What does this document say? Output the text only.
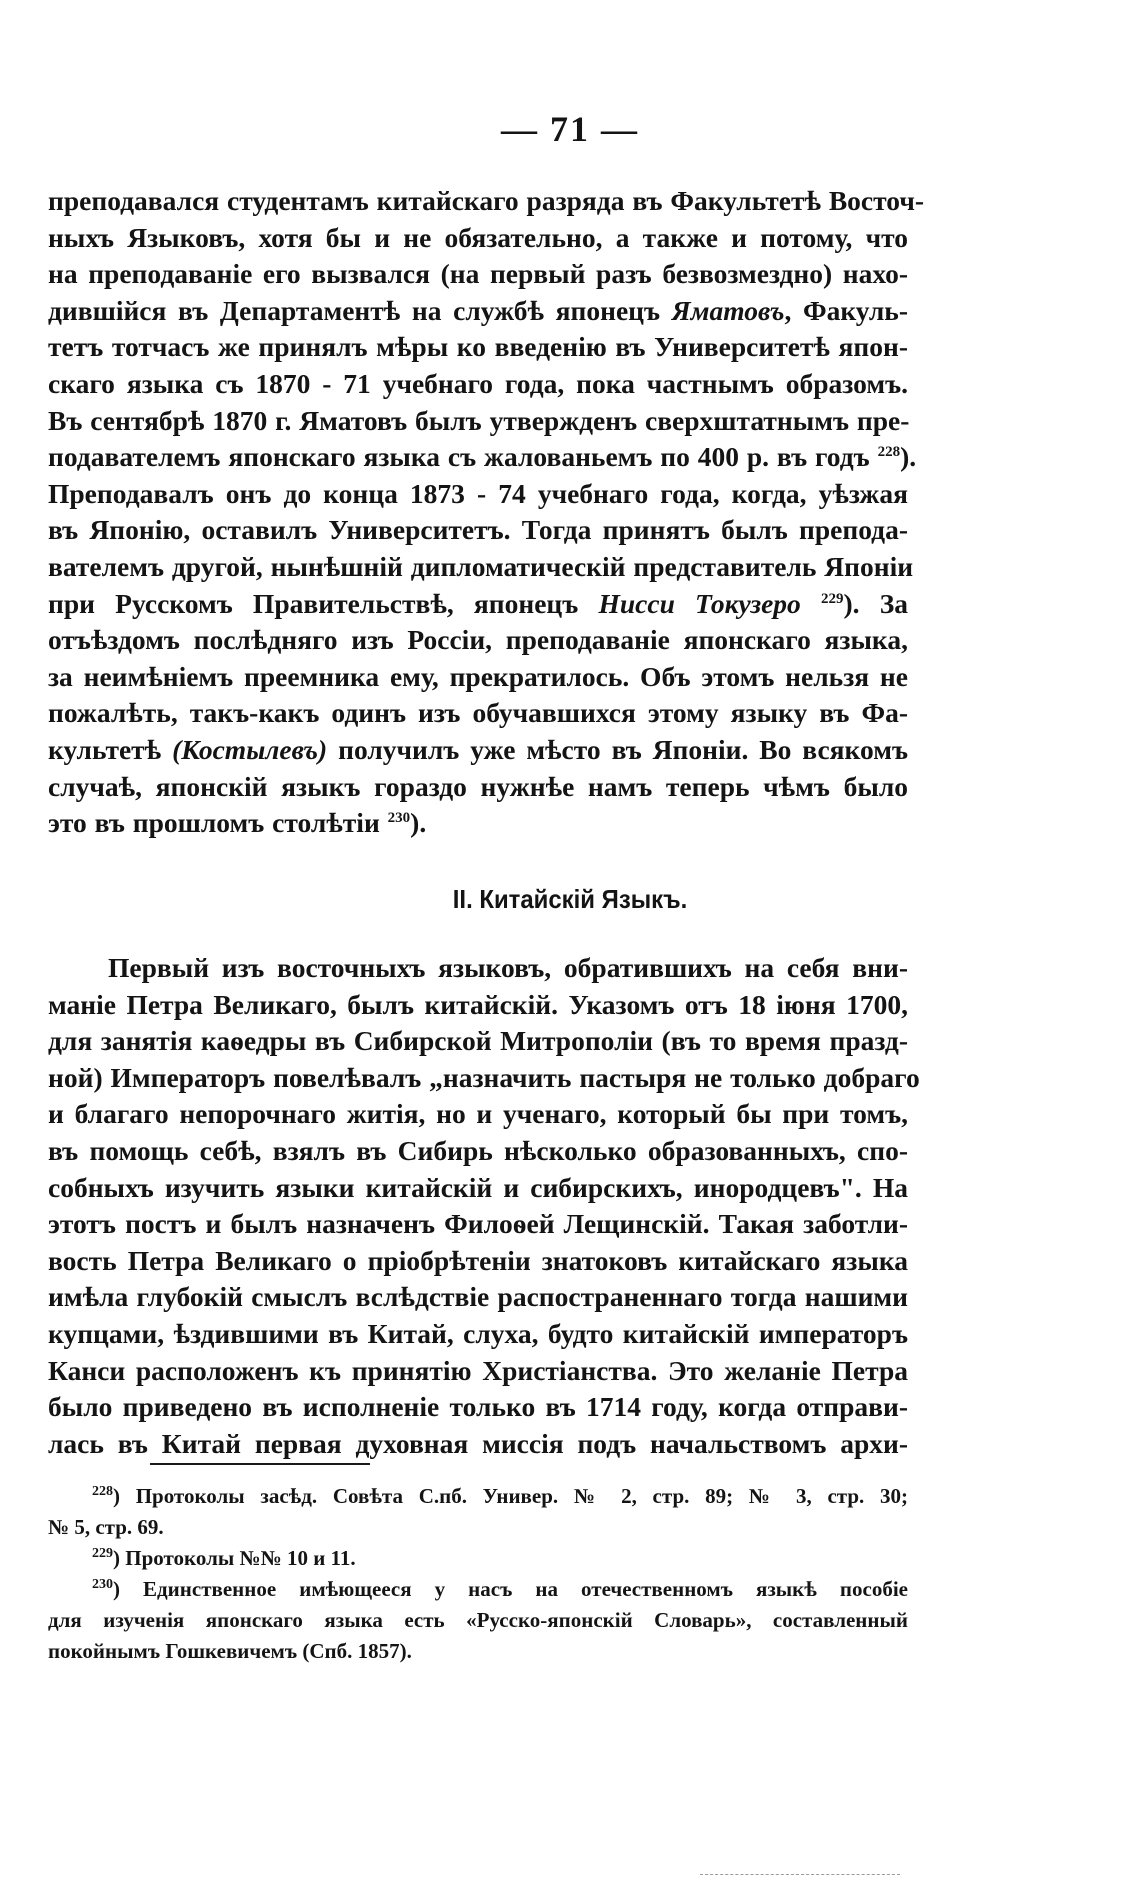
— 71 —
преподавался студентамъ китайскаго разряда въ Факультетѣ Восточ-
ныхъ Языковъ, хотя бы и не обязательно, а также и потому, что
на преподаваніе его вызвался (на первый разъ безвозмездно) нахо-
дившійся въ Департаментѣ на службѣ японецъ Яматовъ, Факуль-
тетъ тотчасъ же принялъ мѣры ко введенію въ Университетѣ япон-
скаго языка съ 1870 - 71 учебнаго года, пока частнымъ образомъ.
Въ сентябрѣ 1870 г. Яматовъ былъ утвержденъ сверхштатнымъ пре-
подавателемъ японскаго языка съ жалованьемъ по 400 р. въ годъ $^{228}$).
Преподавалъ онъ до конца 1873 - 74 учебнаго года, когда, уѣзжая
въ Японію, оставилъ Университетъ. Тогда принятъ былъ препода-
вателемъ другой, нынѣшній дипломатическій представитель Японіи
при Русскомъ Правительствѣ, японецъ Нисси Токузеро $^{229}$). За
отъѣздомъ послѣдняго изъ Россіи, преподаваніе японскаго языка,
за неимѣніемъ преемника ему, прекратилось. Объ этомъ нельзя не
пожалѣть, такъ-какъ одинъ изъ обучавшихся этому языку въ Фа-
культетѣ (Костылевъ) получилъ уже мѣсто въ Японіи. Во всякомъ
случаѣ, японскій языкъ гораздо нужнѣе намъ теперь чѣмъ было
это въ прошломъ столѣтіи $^{230}$).
II. Китайскій Языкъ.
Первый изъ восточныхъ языковъ, обратившихъ на себя вни-
маніе Петра Великаго, былъ китайскій. Указомъ отъ 18 іюня 1700,
для занятія каѳедры въ Сибирской Митрополіи (въ то время празд-
ной) Императоръ повелѣвалъ „назначить пастыря не только добраго
и благаго непорочнаго житія, но и ученаго, который бы при томъ,
въ помощь себѣ, взялъ въ Сибирь нѣсколько образованныхъ, спо-
собныхъ изучить языки китайскій и сибирскихъ, инородцевъ". На
этотъ постъ и былъ назначенъ Филоѳей Лещинскій. Такая заботли-
вость Петра Великаго о пріобрѣтеніи знатоковъ китайскаго языка
имѣла глубокій смыслъ вслѣдствіе распостраненнаго тогда нашими
купцами, ѣздившими въ Китай, слуха, будто китайскій императоръ
Канси расположенъ къ принятію Христіанства. Это желаніе Петра
было приведено въ исполненіе только въ 1714 году, когда отправи-
лась въ Китай первая духовная миссія подъ начальствомъ архи-
$^{228}$) Протоколы засѣд. Совѣта С.пб. Унивеp. № 2, стр. 89; № 3, стр. 30;
№ 5, стр. 69.
$^{229}$) Протоколы №№ 10 и 11.
$^{230}$) Единственное имѣющееся у насъ на отечественномъ языкѣ пособіе
для изученія японскаго языка есть «Русско-японскій Словарь», составленный
покойнымъ Гошкевичемъ (Спб. 1857).
